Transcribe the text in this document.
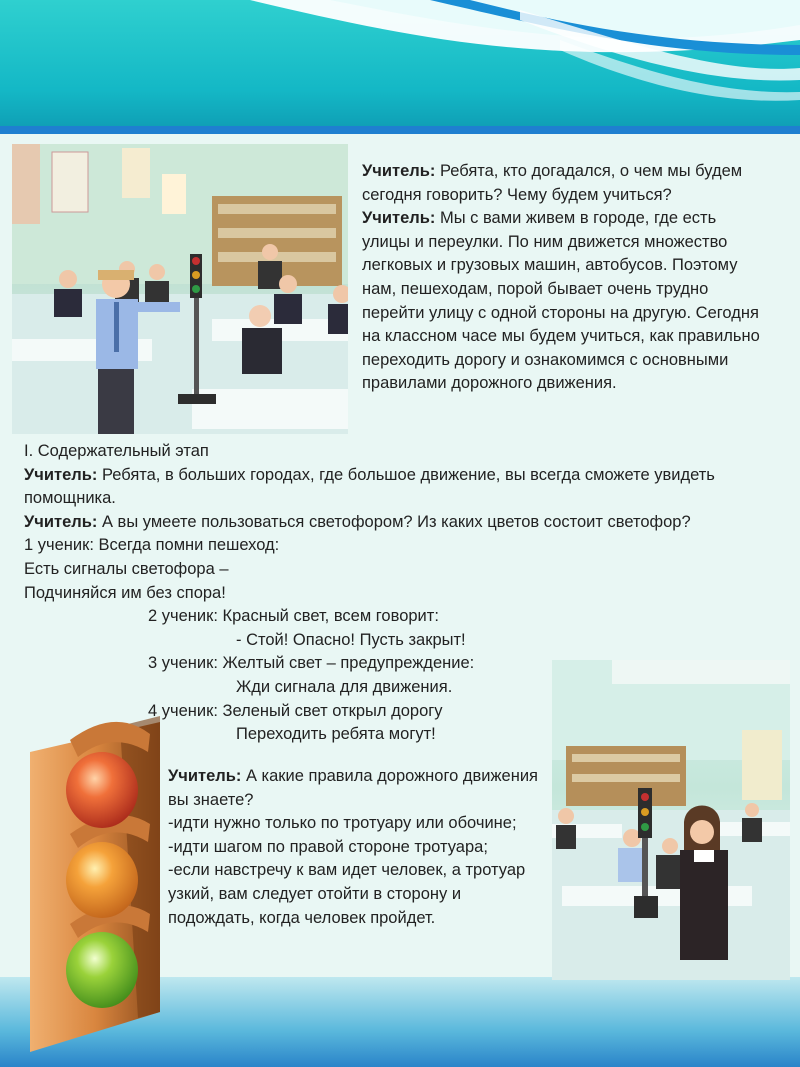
Учитель: Ребята, кто догадался, о чем мы будем сегодня говорить? Чему будем учиться?
Учитель: Мы с вами живем в городе, где есть улицы и переулки. По ним движется множество легковых и грузовых машин, автобусов. Поэтому нам, пешеходам, порой бывает очень трудно перейти улицу с одной стороны на другую. Сегодня на классном часе мы будем учиться, как правильно переходить дорогу и ознакомимся с основными правилами дорожного движения.

I. Содержательный этап
Учитель: Ребята, в больших городах, где большое движение, вы всегда сможете увидеть помощника.
Учитель: А вы умеете пользоваться светофором? Из каких цветов состоит светофор?
1 ученик: Всегда помни пешеход:
Есть сигналы светофора –
Подчиняйся им без спора!
2 ученик: Красный свет, всем говорит:
- Стой! Опасно! Пусть закрыт!
3 ученик: Желтый свет – предупреждение:
Жди сигнала для движения.
4 ученик: Зеленый свет открыл дорогу
Переходить ребята могут!
Учитель: А какие правила дорожного движения вы знаете?
-идти нужно только по тротуару или обочине;
-идти шагом по правой стороне тротуара;
-если навстречу к вам идет человек, а тротуар узкий, вам следует отойти в сторону и подождать, когда человек пройдет.
